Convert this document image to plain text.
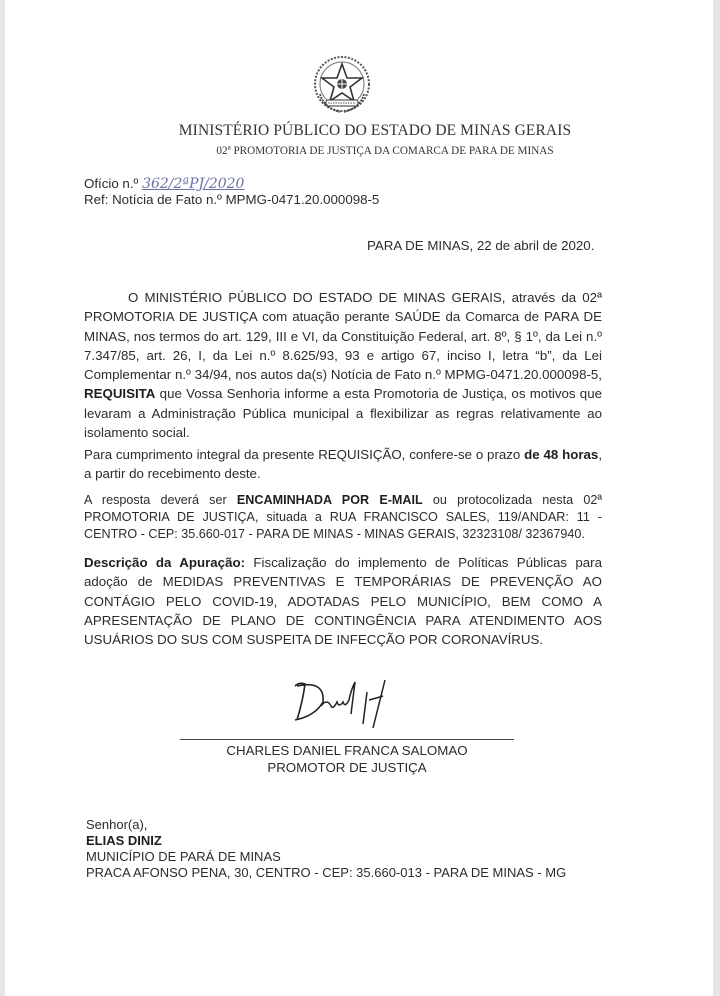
MINISTÉRIO PÚBLICO DO ESTADO DE MINAS GERAIS
02ª PROMOTORIA DE JUSTIÇA DA COMARCA DE PARA DE MINAS
Ofício n.º 362/2ªPJ/2020
Ref: Notícia de Fato n.º MPMG-0471.20.000098-5
PARA DE MINAS, 22 de abril de 2020.
O MINISTÉRIO PÚBLICO DO ESTADO DE MINAS GERAIS, através da 02ª PROMOTORIA DE JUSTIÇA com atuação perante SAÚDE da Comarca de PARA DE MINAS, nos termos do art. 129, III e VI, da Constituição Federal, art. 8º, § 1º, da Lei n.º 7.347/85, art. 26, I, da Lei n.º 8.625/93, 93 e artigo 67, inciso I, letra “b”, da Lei Complementar n.º 34/94, nos autos da(s) Notícia de Fato n.º MPMG-0471.20.000098-5, REQUISITA que Vossa Senhoria informe a esta Promotoria de Justiça, os motivos que levaram a Administração Pública municipal a flexibilizar as regras relativamente ao isolamento social.
Para cumprimento integral da presente REQUISIÇÃO, confere-se o prazo de 48 horas, a partir do recebimento deste.
A resposta deverá ser ENCAMINHADA POR E-MAIL ou protocolizada nesta 02ª PROMOTORIA DE JUSTIÇA, situada a RUA FRANCISCO SALES, 119/ANDAR: 11 - CENTRO - CEP: 35.660-017 - PARA DE MINAS - MINAS GERAIS, 32323108/ 32367940.
Descrição da Apuração: Fiscalização do implemento de Políticas Públicas para adoção de MEDIDAS PREVENTIVAS E TEMPORÁRIAS DE PREVENÇÃO AO CONTÁGIO PELO COVID-19, ADOTADAS PELO MUNICÍPIO, BEM COMO A APRESENTAÇÃO DE PLANO DE CONTINGÊNCIA PARA ATENDIMENTO AOS USUÁRIOS DO SUS COM SUSPEITA DE INFECÇÃO POR CORONAVÍRUS.
CHARLES DANIEL FRANCA SALOMAO
PROMOTOR DE JUSTIÇA
Senhor(a),
ELIAS DINIZ
MUNICÍPIO DE PARÁ DE MINAS
PRACA AFONSO PENA, 30, CENTRO - CEP: 35.660-013 - PARA DE MINAS - MG
